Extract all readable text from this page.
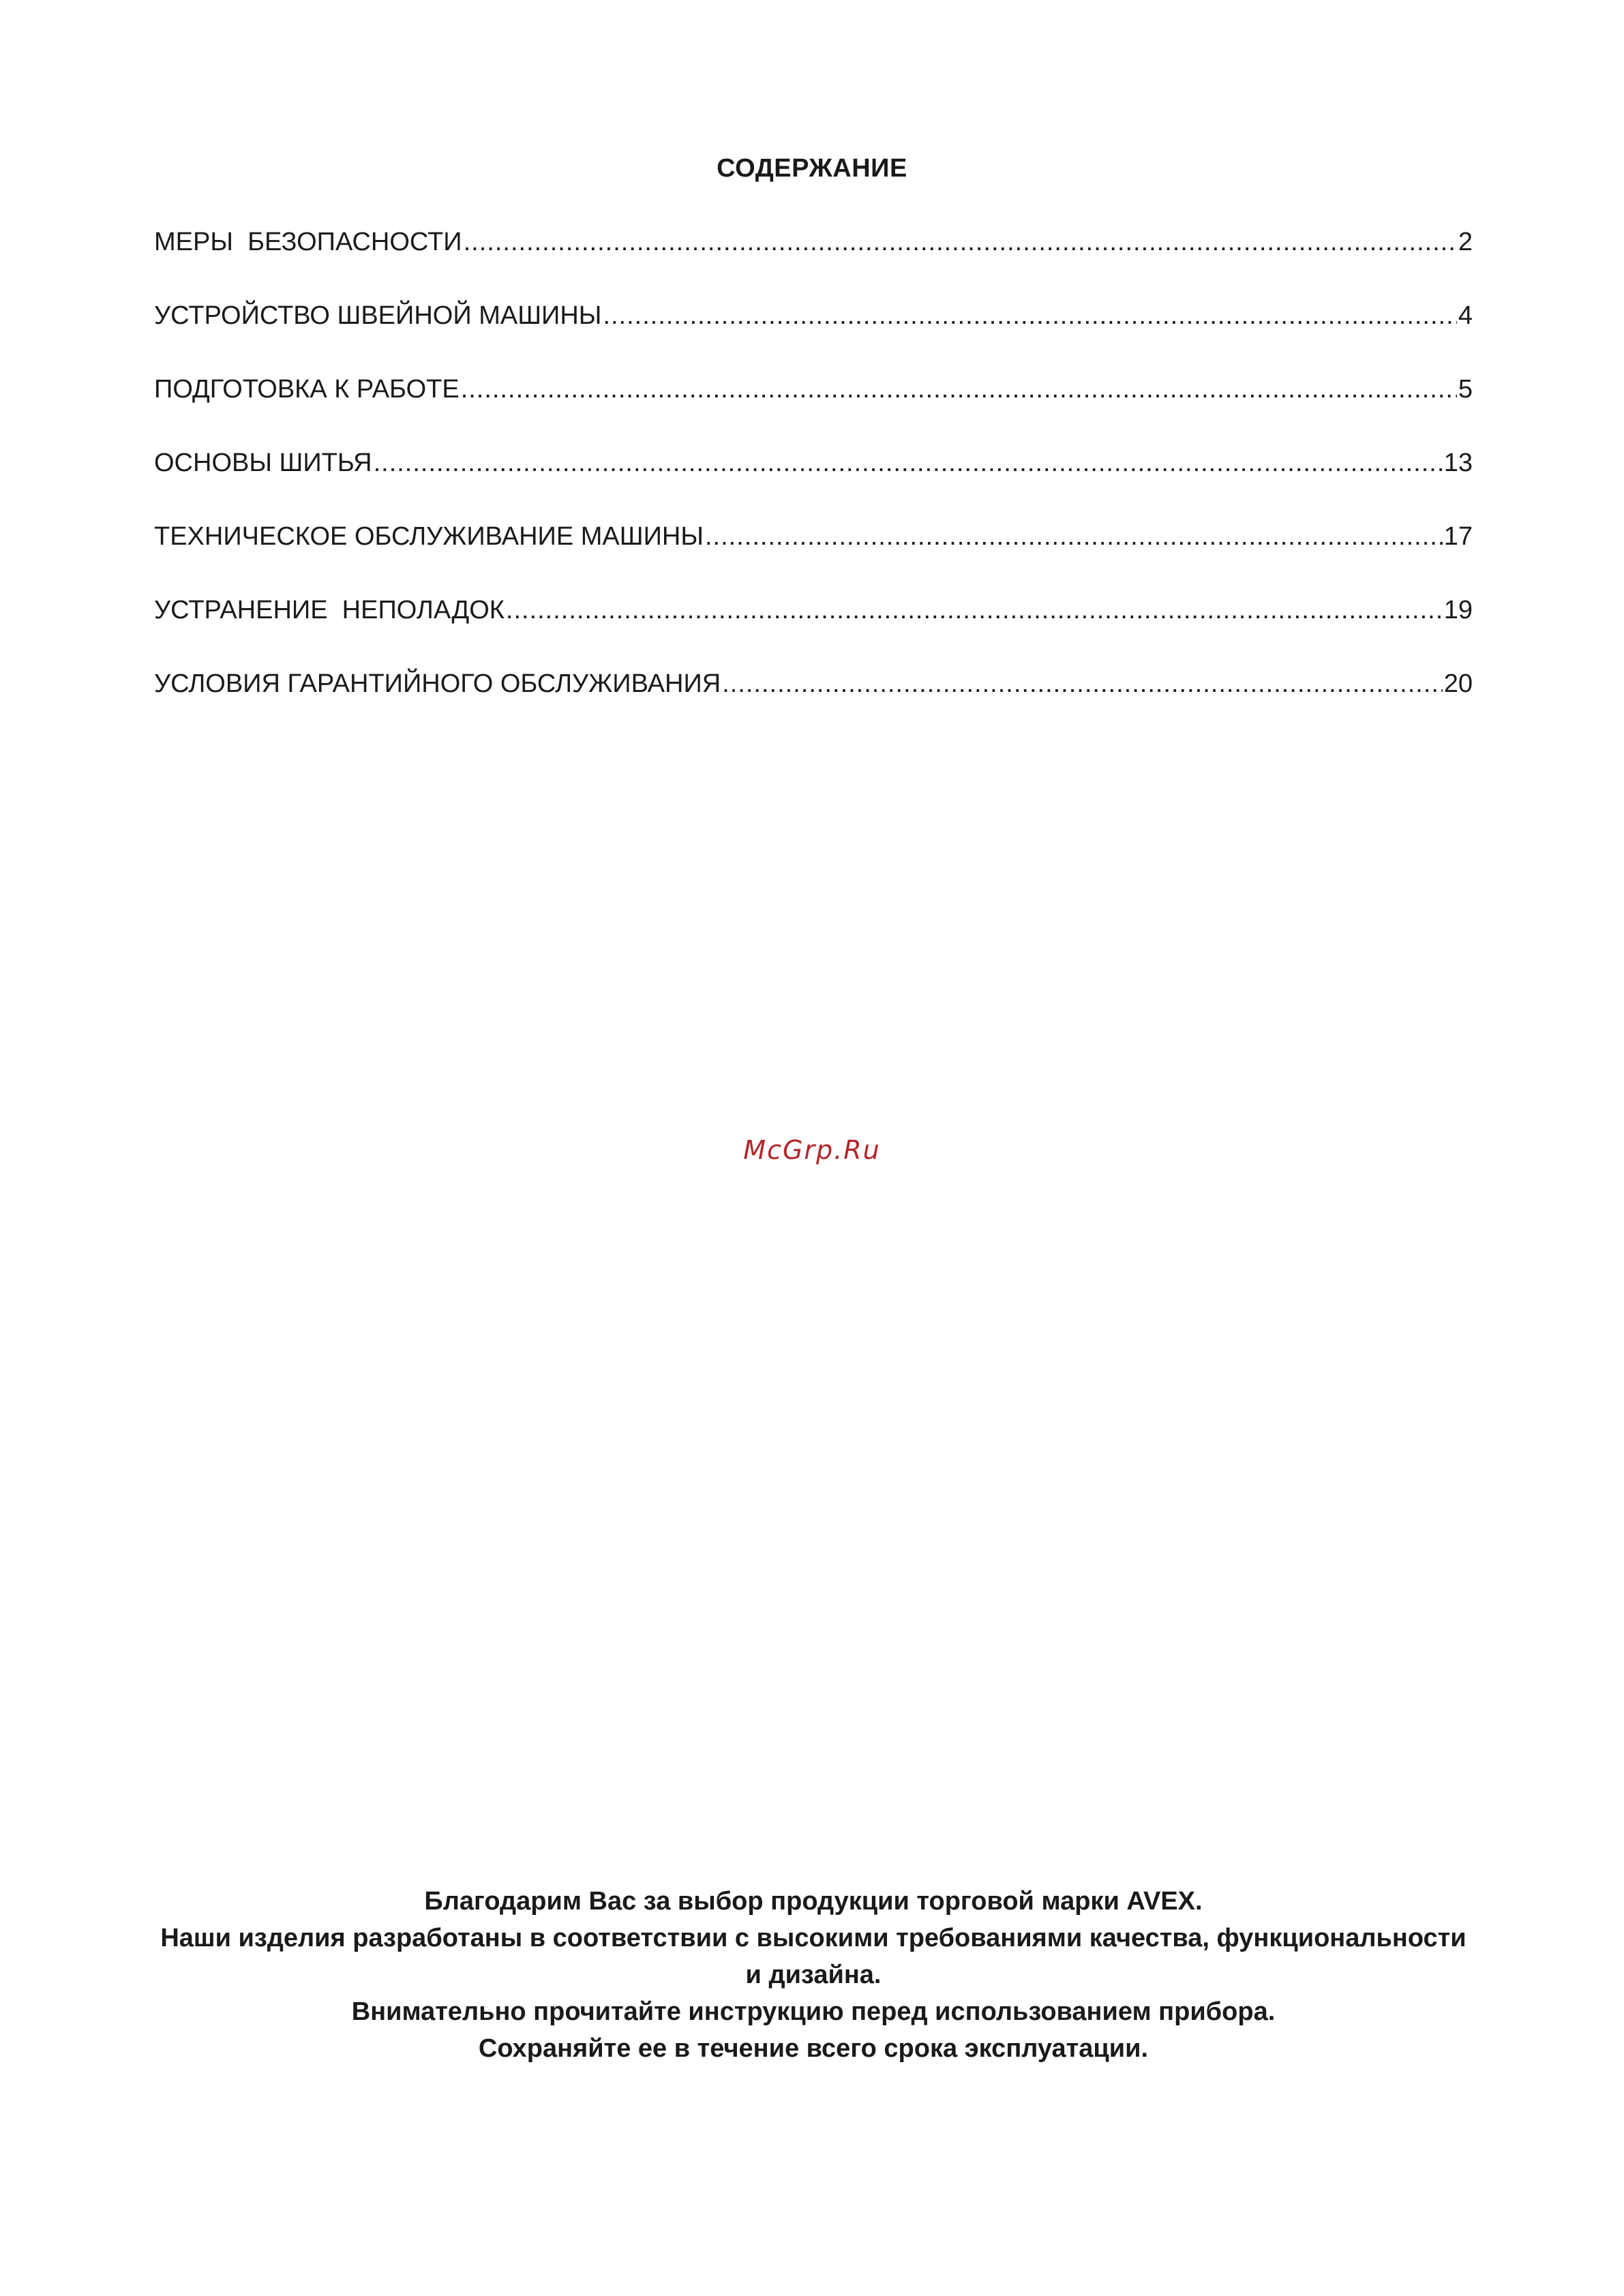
СОДЕРЖАНИЕ
МЕРЫ  БЕЗОПАСНОСТИ .....	2
УСТРОЙСТВО ШВЕЙНОЙ МАШИНЫ .....	4
ПОДГОТОВКА К РАБОТЕ .....	5
ОСНОВЫ ШИТЬЯ .....	13
ТЕХНИЧЕСКОЕ ОБСЛУЖИВАНИЕ МАШИНЫ .....	17
УСТРАНЕНИЕ  НЕПОЛАДОК .....	19
УСЛОВИЯ ГАРАНТИЙНОГО ОБСЛУЖИВАНИЯ .....	20
McGrp.Ru

Благодарим Вас за выбор продукции торговой марки AVEX.

Наши изделия разработаны в соответствии с высокими требованиями качества, функциональности и дизайна.

Внимательно прочитайте инструкцию перед использованием прибора.

Сохраняйте ее в течение всего срока эксплуатации.
